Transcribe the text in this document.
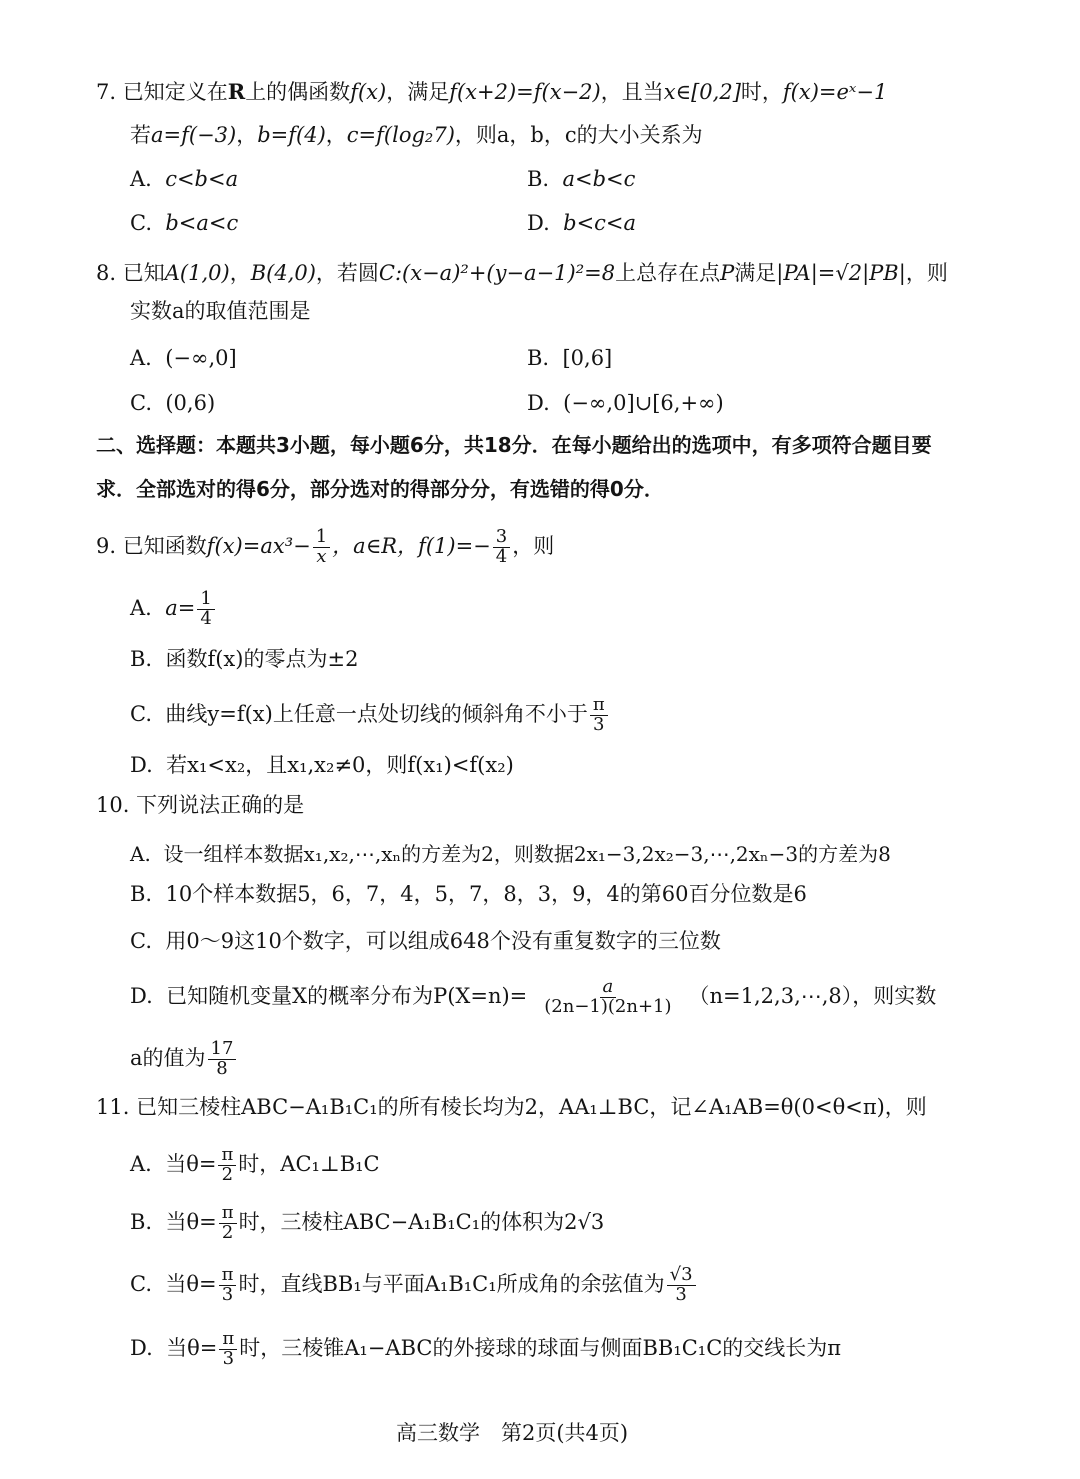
7. 已知定义在R上的偶函数f(x)，满足f(x+2)=f(x−2)，且当x∈[0,2]时，f(x)=eˣ−1
若a=f(−3)，b=f(4)，c=f(log₂7)，则a，b，c的大小关系为
A. c<b<a	B. a<b<c
C. b<a<c	D. b<c<a
8. 已知A(1,0)，B(4,0)，若圆C:(x−a)²+(y−a−1)²=8上总存在点P满足|PA|=√2|PB|，则
实数a的取值范围是
A. (−∞,0]	B. [0,6]
C. (0,6)	D. (−∞,0]∪[6,+∞)
二、选择题：本题共3小题，每小题6分，共18分．在每小题给出的选项中，有多项符合题目要
求．全部选对的得6分，部分选对的得部分分，有选错的得0分．
9. 已知函数$f(x)=ax^3- \frac{1}{x}$ ，a∈R，$f(1)=- \frac{3}{4}$ ，则
A. $a= \frac{1}{4}$
B. 函数f(x)的零点为±2
C. 曲线y=f(x)上任意一点处切线的倾斜角不小于 $\frac{\pi}{3}$
D. 若x₁<x₂，且x₁,x₂≠0，则f(x₁)<f(x₂)
10. 下列说法正确的是
A. 设一组样本数据x₁,x₂,⋯,xₙ的方差为2，则数据2x₁−3,2x₂−3,⋯,2xₙ−3的方差为8
B. 10个样本数据5，6，7，4，5，7，8，3，9，4的第60百分位数是6
C. 用0～9这10个数字，可以组成648个没有重复数字的三位数
D. 已知随机变量X的概率分布为$P(X=n)= \frac{a}{(2n-1)(2n+1)}$ （n=1,2,3,⋯,8），则实数
a的值为 $\frac{17}{8}$
11. 已知三棱柱ABC−A₁B₁C₁的所有棱长均为2，AA₁⊥BC，记∠A₁AB=θ(0<θ<π)，则
A. 当$\theta= \frac{\pi}{2}$ 时，AC₁⊥B₁C
B. 当$\theta= \frac{\pi}{2}$ 时，三棱柱ABC−A₁B₁C₁的体积为2√3
C. 当$\theta= \frac{\pi}{3}$ 时，直线BB₁与平面A₁B₁C₁所成角的余弦值为 $\frac{√3}{3}$
D. 当$\theta= \frac{\pi}{3}$ 时，三棱锥A₁−ABC的外接球的球面与侧面BB₁C₁C的交线长为π
高三数学　第2页(共4页)
